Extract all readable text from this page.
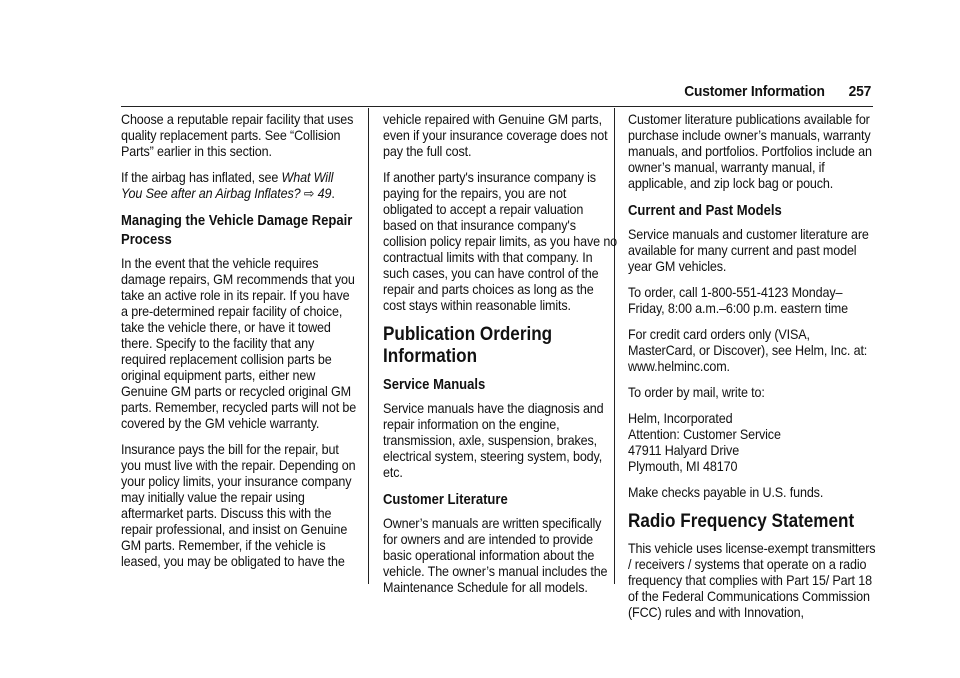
Customer Information 257

Choose a reputable repair facility that uses quality replacement parts. See “Collision Parts” earlier in this section.

If the airbag has inflated, see What Will You See after an Airbag Inflates? ⇨ 49.

Managing the Vehicle Damage Repair Process

In the event that the vehicle requires damage repairs, GM recommends that you take an active role in its repair. If you have a pre-determined repair facility of choice, take the vehicle there, or have it towed there. Specify to the facility that any required replacement collision parts be original equipment parts, either new Genuine GM parts or recycled original GM parts. Remember, recycled parts will not be covered by the GM vehicle warranty.

Insurance pays the bill for the repair, but you must live with the repair. Depending on your policy limits, your insurance company may initially value the repair using aftermarket parts. Discuss this with the repair professional, and insist on Genuine GM parts. Remember, if the vehicle is leased, you may be obligated to have the

vehicle repaired with Genuine GM parts, even if your insurance coverage does not pay the full cost.

If another party's insurance company is paying for the repairs, you are not obligated to accept a repair valuation based on that insurance company's collision policy repair limits, as you have no contractual limits with that company. In such cases, you can have control of the repair and parts choices as long as the cost stays within reasonable limits.

Publication Ordering Information
Service Manuals

Service manuals have the diagnosis and repair information on the engine, transmission, axle, suspension, brakes, electrical system, steering system, body, etc.

Customer Literature

Owner’s manuals are written specifically for owners and are intended to provide basic operational information about the vehicle. The owner’s manual includes the Maintenance Schedule for all models.

Customer literature publications available for purchase include owner’s manuals, warranty manuals, and portfolios. Portfolios include an owner’s manual, warranty manual, if applicable, and zip lock bag or pouch.

Current and Past Models

Service manuals and customer literature are available for many current and past model year GM vehicles.

To order, call 1-800-551-4123 Monday–Friday, 8:00 a.m.–6:00 p.m. eastern time

For credit card orders only (VISA, MasterCard, or Discover), see Helm, Inc. at: www.helminc.com.

To order by mail, write to:

Helm, Incorporated
Attention: Customer Service
47911 Halyard Drive
Plymouth, MI 48170

Make checks payable in U.S. funds.

Radio Frequency Statement

This vehicle uses license-exempt transmitters / receivers / systems that operate on a radio frequency that complies with Part 15/ Part 18 of the Federal Communications Commission (FCC) rules and with Innovation,
